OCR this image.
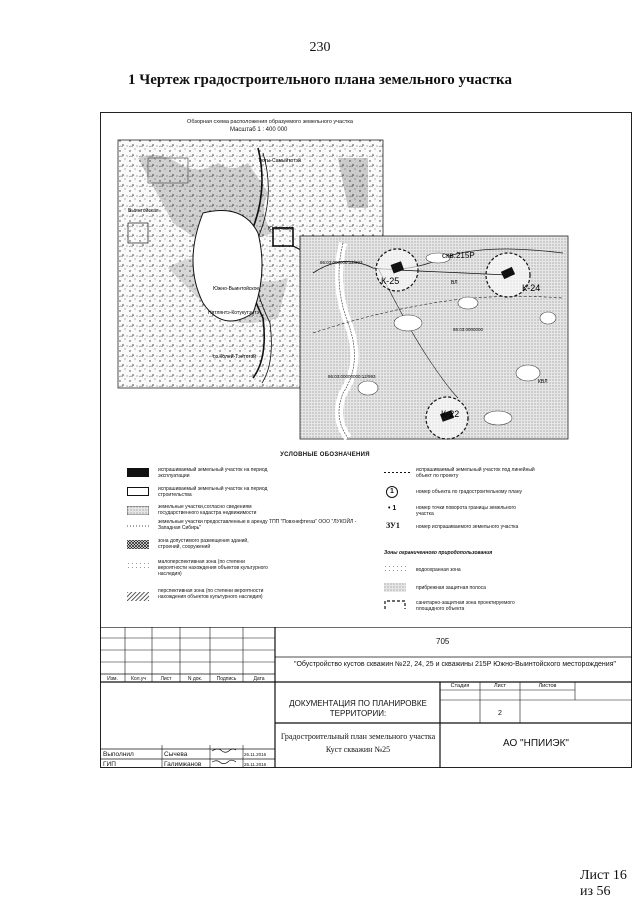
230
1 Чертеж градостроительного плана земельного участка
Тюты-Самыйтотэй
Выинтойская
Ю.Кочевое
Южно-Выинтойское
Нятлянтэ-Котукутэнтэ
оз.Колей-Тэнтотэй
К-25
К-24
К-22
скв.215Р
86:03:000000:12/993
86:03:0000000
86:03:00000000:12/993
ВЛ
КВЛ
Обзорная схема расположения образуемого земельного участка
Масштаб 1 : 400 000
УСЛОВНЫЕ ОБОЗНАЧЕНИЯ
испрашиваемый земельный участок на период эксплуатации
испрашиваемый земельный участок на период строительства
земельные участки,согласно сведениям государственного кадастра недвижимости
земельные участки предоставленные в аренду ТПП "Повхнефтегаз" ООО "ЛУКОЙЛ - Западная Сибирь"
зона допустимого размещения зданий, строений, сооружений
малоперспективная зона (по степени вероятности нахождения объектов культурного наследия)
перспективная зона (по степени вероятности нахождения объектов культурного наследия)
испрашиваемый земельный участок под линейный объект по проекту
1	номер объекта по градостроительному плану
• 1	номер точки поворота границы земельного участка
ЗУ1	номер испрашиваемого земельного участка
Зоны ограниченного природопользования
водоохранная зона
прибрежная защитная полоса
санитарно-защитная зона проектируемого площадного объекта
705
"Обустройство кустов скважин №22, 24, 25 и скважины 215Р Южно-Выинтойского месторождения"
Изм.	Кол.уч	Лист	N док.	Подпись	Дата
ДОКУМЕНТАЦИЯ ПО ПЛАНИРОВКЕ ТЕРРИТОРИИ:
Стадия	Лист	Листов
2
Градостроительный план земельного участка
Куст скважин №25
АО "НПИИЭК"
Выполнил	Сычева	26.11.2016
ГИП	Галимжанов	26.11.2016
Лист 16 из 56
